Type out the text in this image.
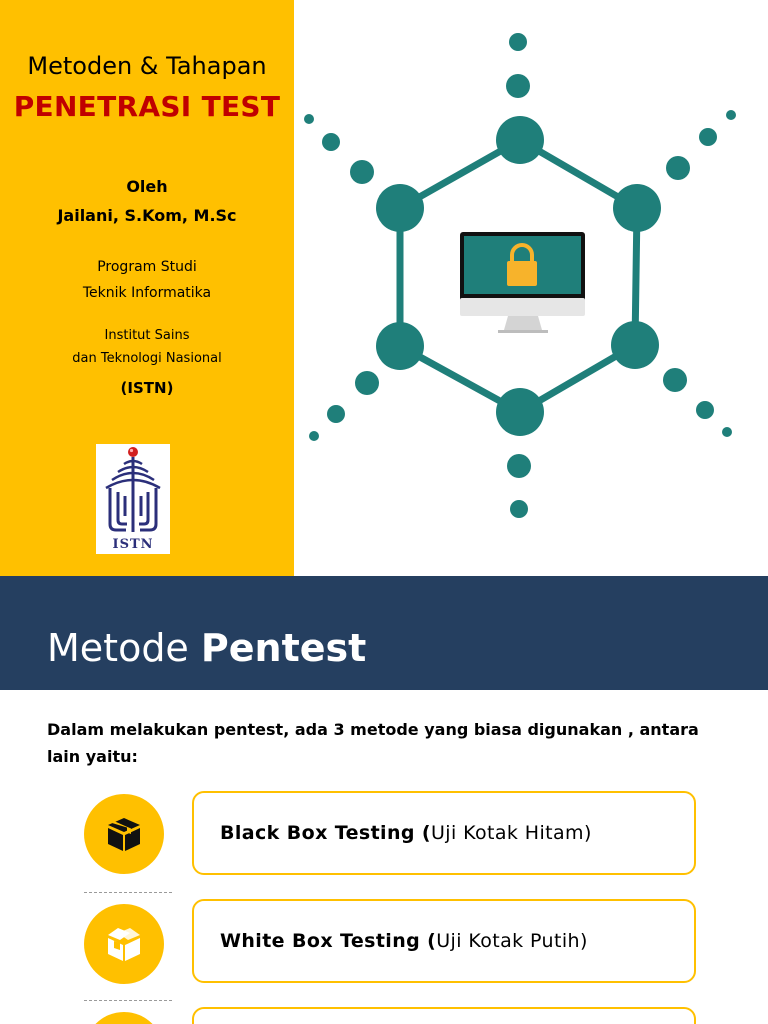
Metoden & Tahapan
PENETRASI TEST
Oleh
Jailani, S.Kom, M.Sc
Program Studi
Teknik Informatika
Institut Sains
dan Teknologi Nasional
(ISTN)
ISTN
Metode Pentest
Dalam melakukan pentest, ada 3 metode yang biasa digunakan , antara lain yaitu:
Black Box Testing (Uji Kotak Hitam)
White Box Testing (Uji Kotak Putih)
